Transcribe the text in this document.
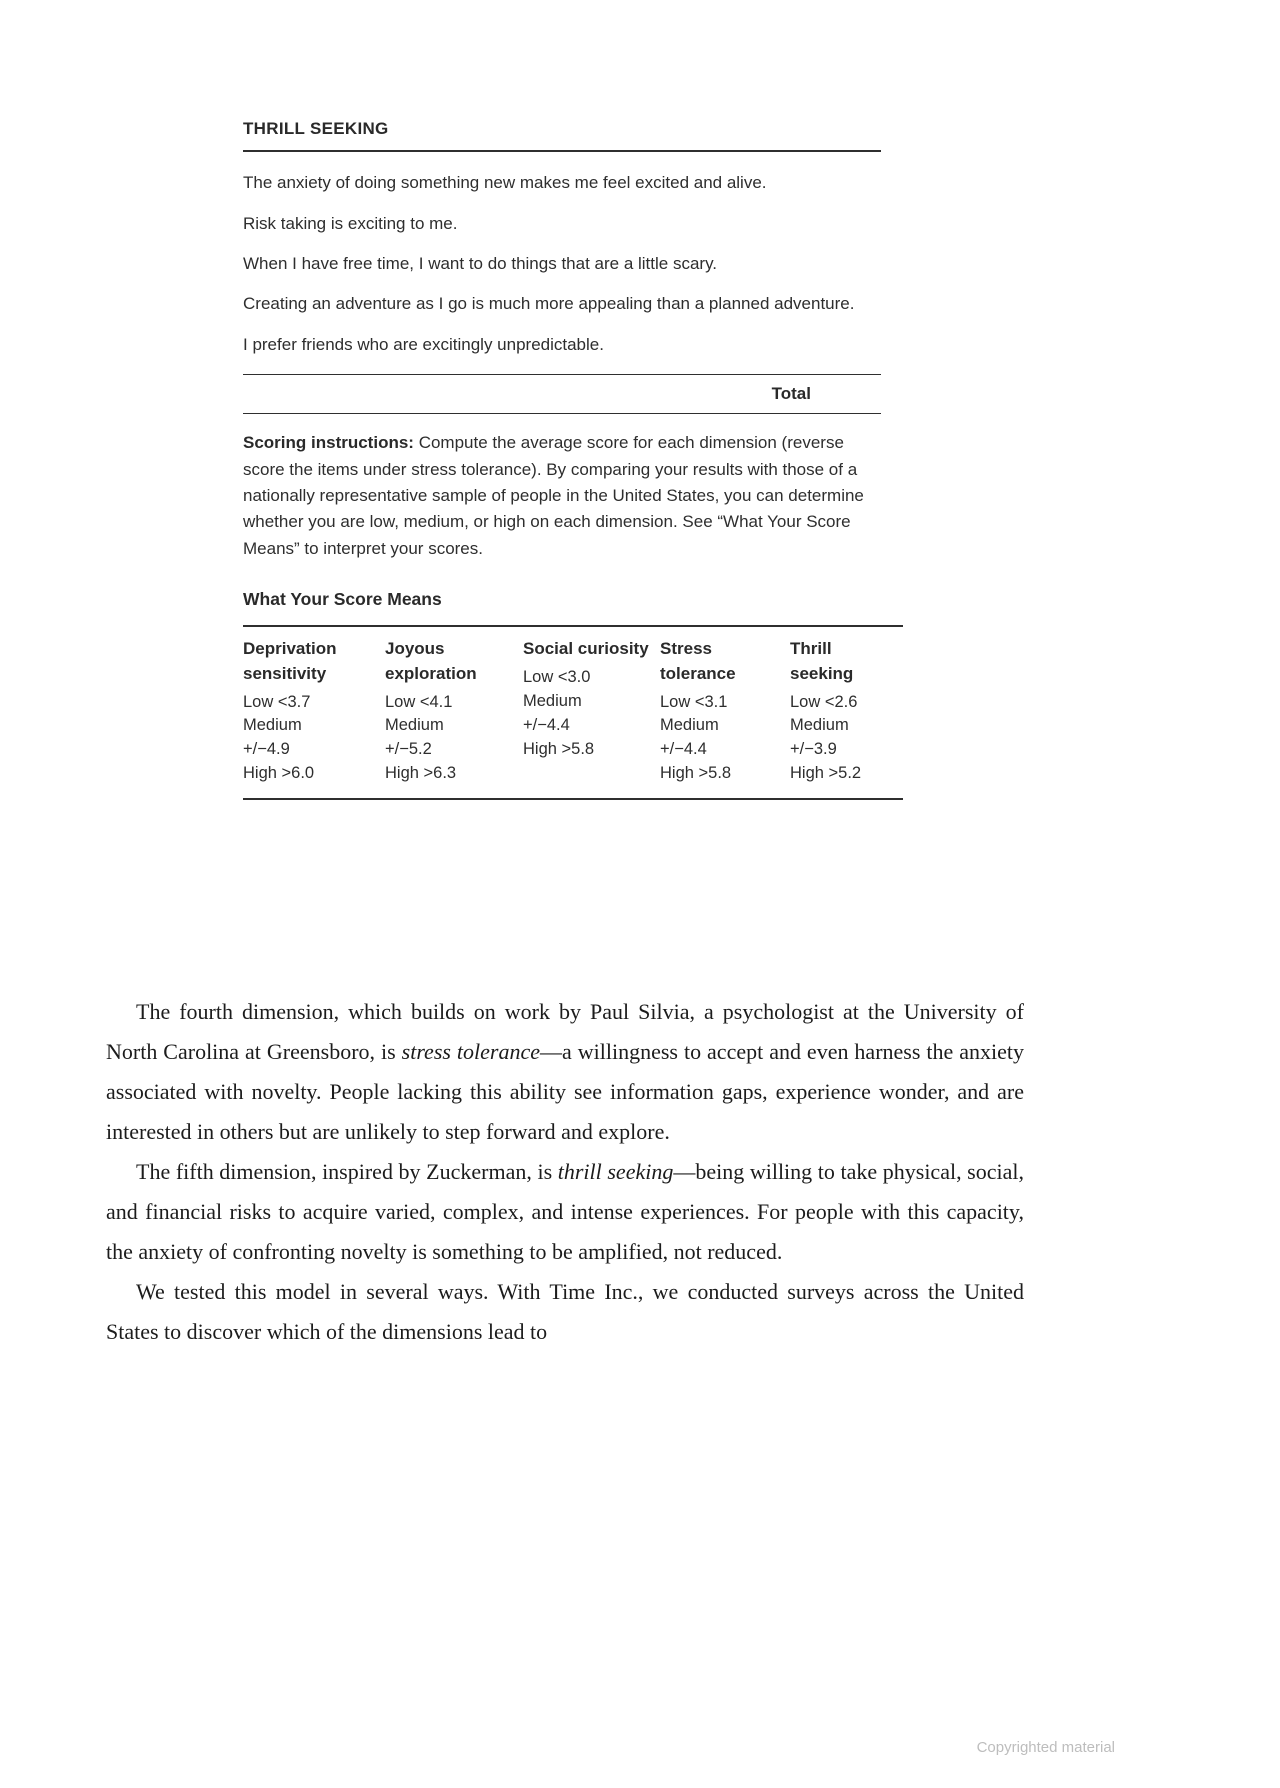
THRILL SEEKING

The anxiety of doing something new makes me feel excited and alive.

Risk taking is exciting to me.

When I have free time, I want to do things that are a little scary.

Creating an adventure as I go is much more appealing than a planned adventure.

I prefer friends who are excitingly unpredictable.

Total

Scoring instructions: Compute the average score for each dimension (reverse score the items under stress tolerance). By comparing your results with those of a nationally representative sample of people in the United States, you can determine whether you are low, medium, or high on each dimension. See “What Your Score Means” to interpret your scores.

What Your Score Means
Deprivation sensitivity
Low <3.7
Medium
+/−4.9
High >6.0
Joyous exploration
Low <4.1
Medium
+/−5.2
High >6.3
Social curiosity
Low <3.0
Medium
+/−4.4
High >5.8
Stress tolerance
Low <3.1
Medium
+/−4.4
High >5.8
Thrill seeking
Low <2.6
Medium
+/−3.9
High >5.2

The fourth dimension, which builds on work by Paul Silvia, a psychologist at the University of North Carolina at Greensboro, is stress tolerance—a willingness to accept and even harness the anxiety associated with novelty. People lacking this ability see information gaps, experience wonder, and are interested in others but are unlikely to step forward and explore.

The fifth dimension, inspired by Zuckerman, is thrill seeking—being willing to take physical, social, and financial risks to acquire varied, complex, and intense experiences. For people with this capacity, the anxiety of confronting novelty is something to be amplified, not reduced.

We tested this model in several ways. With Time Inc., we conducted surveys across the United States to discover which of the dimensions lead to

Copyrighted material
